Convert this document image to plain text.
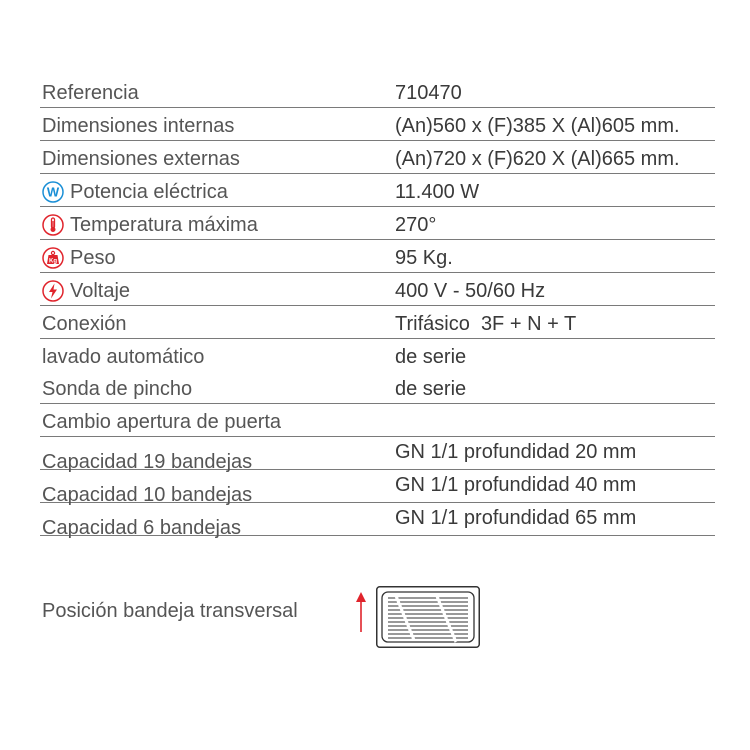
Referencia	710470
Dimensiones internas	(An)560 x (F)385 X (Al)605 mm.
Dimensiones externas	(An)720 x (F)620 X (Al)665 mm.
W Potencia eléctrica	11.400 W
Temperatura máxima	270°
Kg Peso	95 Kg.
Voltaje	400 V - 50/60 Hz
Conexión	Trifásico  3F + N + T
lavado automático	de serie
Sonda de pincho	de serie
Cambio apertura de puerta
Capacidad 19 bandejas	GN 1/1 profundidad 20 mm
Capacidad 10 bandejas	GN 1/1 profundidad 40 mm
Capacidad 6 bandejas	GN 1/1 profundidad 65 mm
Posición bandeja transversal
